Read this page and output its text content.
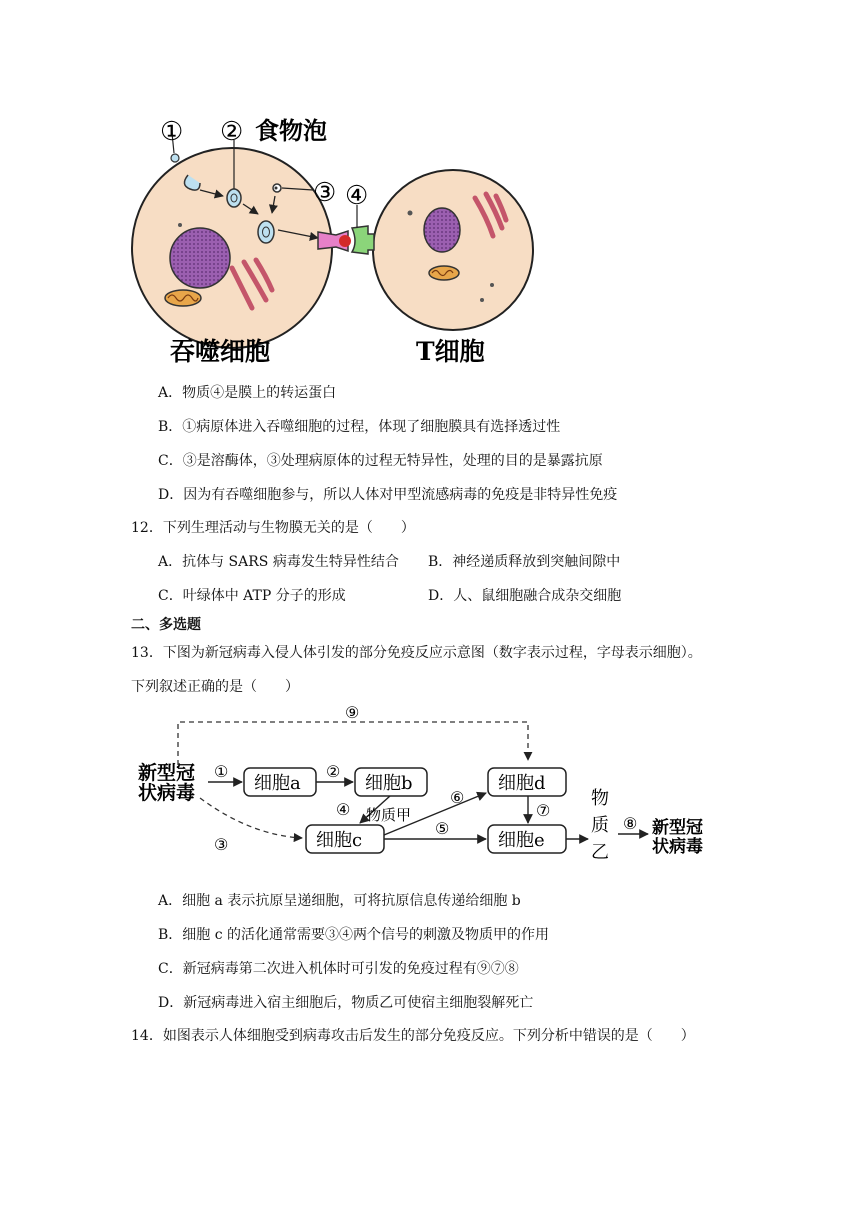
① ② 食物泡
③ ④
吞噬细胞	T细胞
A．物质④是膜上的转运蛋白
B．①病原体进入吞噬细胞的过程，体现了细胞膜具有选择透过性
C．③是溶酶体，③处理病原体的过程无特异性，处理的目的是暴露抗原
D．因为有吞噬细胞参与，所以人体对甲型流感病毒的免疫是非特异性免疫
12．下列生理活动与生物膜无关的是（　　）
A．抗体与 SARS 病毒发生特异性结合 B．神经递质释放到突触间隙中
C．叶绿体中 ATP 分子的形成	D．人、鼠细胞融合成杂交细胞
二、多选题
13．下图为新冠病毒入侵人体引发的部分免疫反应示意图（数字表示过程，字母表示细胞）。
下列叙述正确的是（　　）
新型冠
状病毒	细胞a	细胞b
细胞c
细胞d
细胞e
物质甲
物
质
乙
新型冠
状病毒
①	②
③
④
⑤
⑥
⑦
⑧
⑨
A．细胞 a 表示抗原呈递细胞，可将抗原信息传递给细胞 b
B．细胞 c 的活化通常需要③④两个信号的刺激及物质甲的作用
C．新冠病毒第二次进入机体时可引发的免疫过程有⑨⑦⑧
D．新冠病毒进入宿主细胞后，物质乙可使宿主细胞裂解死亡
14．如图表示人体细胞受到病毒攻击后发生的部分免疫反应。下列分析中错误的是（　　）
